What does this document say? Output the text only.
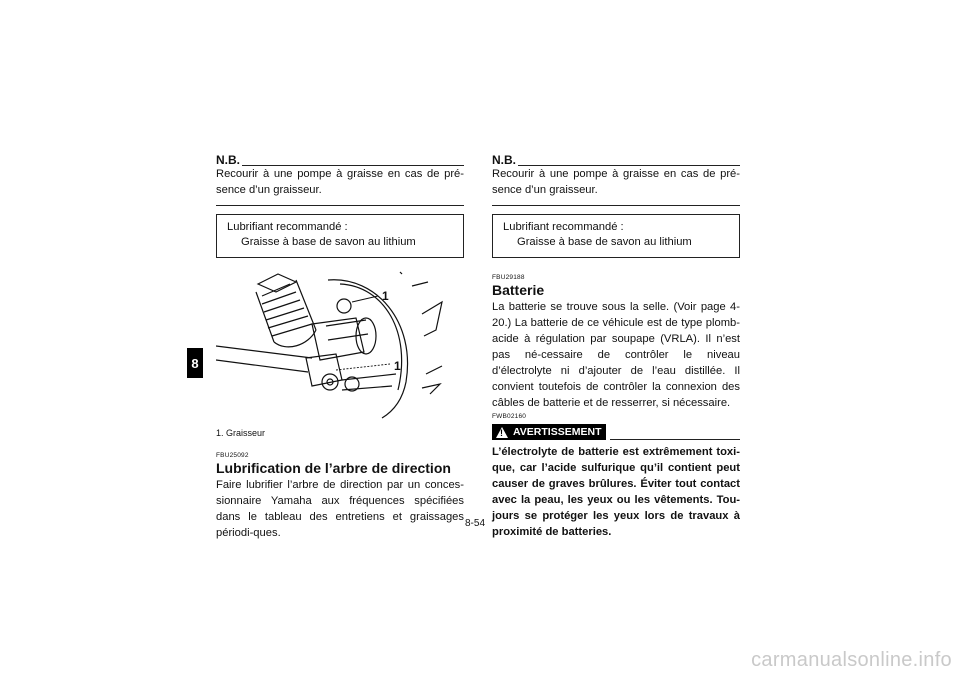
8
N.B.
Recourir à une pompe à graisse en cas de pré-sence d’un graisseur.
Lubrifiant recommandé :
Graisse à base de savon au lithium
1
1
1. Graisseur
FBU25092
Lubrification de l’arbre de direction
Faire lubrifier l’arbre de direction par un conces-sionnaire Yamaha aux fréquences spécifiées dans le tableau des entretiens et graissages périodi-ques.
N.B.
Recourir à une pompe à graisse en cas de pré-sence d’un graisseur.
Lubrifiant recommandé :
Graisse à base de savon au lithium
FBU29188
Batterie
La batterie se trouve sous la selle. (Voir page 4-20.) La batterie de ce véhicule est de type plomb-acide à régulation par soupape (VRLA). Il n’est pas né-cessaire de contrôler le niveau d’électrolyte ni d’ajouter de l’eau distillée. Il convient toutefois de contrôler la connexion des câbles de batterie et de resserrer, si nécessaire.
FWB02160
! AVERTISSEMENT
L’électrolyte de batterie est extrêmement toxi-que, car l’acide sulfurique qu’il contient peut causer de graves brûlures. Éviter tout contact avec la peau, les yeux ou les vêtements. Tou-jours se protéger les yeux lors de travaux à proximité de batteries.
8-54
carmanualsonline.info
